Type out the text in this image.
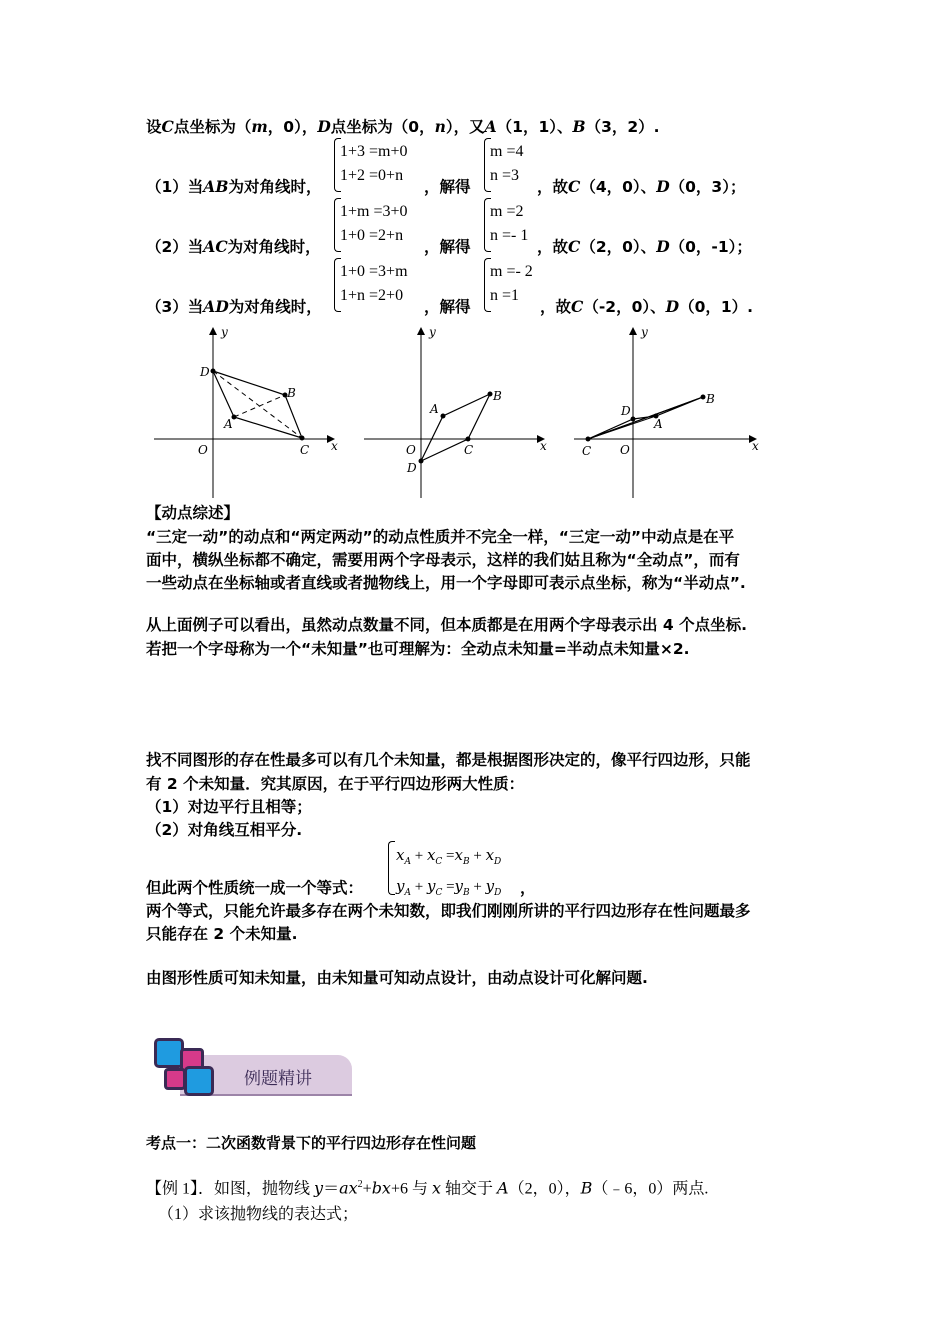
设C点坐标为（m，0），D点坐标为（0，n），又A（1，1）、B（3，2）.
（1）当AB为对角线时，
1+3 =m+0
1+2 =0+n
，解得
m =4
n =3
，故C（4，0）、D（0，3）；
（2）当AC为对角线时，
1+m =3+0
1+0 =2+n
，解得
m =2
n =- 1
，故C（2，0）、D（0，-1）；
（3）当AD为对角线时，
1+0 =3+m
1+n =2+0
，解得
m =- 2
n =1
，故C（-2，0）、D（0，1）.
D
B
A
C
O	x
y
A
B
C
D
O	x
y
D
A
B
C O	x
y
【动点综述】
“三定一动”的动点和“两定两动”的动点性质并不完全一样，“三定一动”中动点是在平
面中，横纵坐标都不确定，需要用两个字母表示，这样的我们姑且称为“全动点”，而有
一些动点在坐标轴或者直线或者抛物线上，用一个字母即可表示点坐标，称为“半动点”.
从上面例子可以看出，虽然动点数量不同，但本质都是在用两个字母表示出 4 个点坐标.
若把一个字母称为一个“未知量”也可理解为：全动点未知量=半动点未知量×2.
找不同图形的存在性最多可以有几个未知量，都是根据图形决定的，像平行四边形，只能
有 2 个未知量．究其原因，在于平行四边形两大性质：
（1）对边平行且相等；
（2）对角线互相平分.
但此两个性质统一成一个等式：
$x_A + x_C =x_B + x_D$
$y_A + y_C =y_B + y_D$ ，
两个等式，只能允许最多存在两个未知数，即我们刚刚所讲的平行四边形存在性问题最多
只能存在 2 个未知量.
由图形性质可知未知量，由未知量可知动点设计，由动点设计可化解问题.
例题精讲
考点一：二次函数背景下的平行四边形存在性问题
【例 1】．如图，抛物线 $y=ax^2+bx+6$ 与 x 轴交于 A（2，0），B（﹣6，0）两点.
（1）求该抛物线的表达式；
